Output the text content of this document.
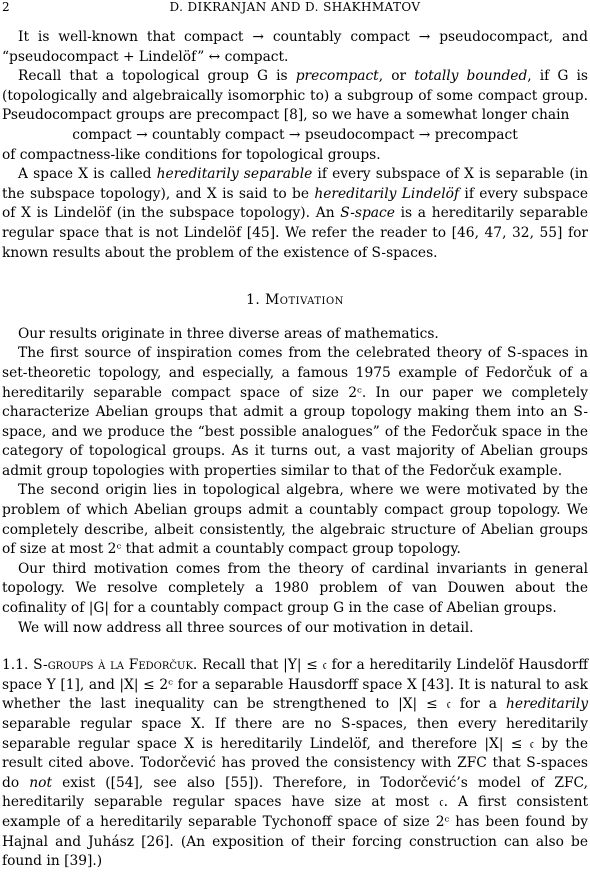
2	D. DIKRANJAN AND D. SHAKHMATOV

It is well-known that compact → countably compact → pseudocompact, and “pseudocompact + Lindelöf” ↔ compact.

Recall that a topological group G is precompact, or totally bounded, if G is (topologically and algebraically isomorphic to) a subgroup of some compact group. Pseudocompact groups are precompact [8], so we have a somewhat longer chain

compact → countably compact → pseudocompact → precompact

of compactness-like conditions for topological groups.

A space X is called hereditarily separable if every subspace of X is separable (in the subspace topology), and X is said to be hereditarily Lindelöf if every subspace of X is Lindelöf (in the subspace topology). An S-space is a hereditarily separable regular space that is not Lindelöf [45]. We refer the reader to [46, 47, 32, 55] for known results about the problem of the existence of S-spaces.

1. Motivation

Our results originate in three diverse areas of mathematics.

The first source of inspiration comes from the celebrated theory of S-spaces in set-theoretic topology, and especially, a famous 1975 example of Fedorčuk of a hereditarily separable compact space of size 2ᶜ. In our paper we completely characterize Abelian groups that admit a group topology making them into an S-space, and we produce the “best possible analogues” of the Fedorčuk space in the category of topological groups. As it turns out, a vast majority of Abelian groups admit group topologies with properties similar to that of the Fedorčuk example.

The second origin lies in topological algebra, where we were motivated by the problem of which Abelian groups admit a countably compact group topology. We completely describe, albeit consistently, the algebraic structure of Abelian groups of size at most 2ᶜ that admit a countably compact group topology.

Our third motivation comes from the theory of cardinal invariants in general topology. We resolve completely a 1980 problem of van Douwen about the cofinality of |G| for a countably compact group G in the case of Abelian groups.

We will now address all three sources of our motivation in detail.

1.1. S-groups à la Fedorčuk. Recall that |Y| ≤ 𝔠 for a hereditarily Lindelöf Hausdorff space Y [1], and |X| ≤ 2ᶜ for a separable Hausdorff space X [43]. It is natural to ask whether the last inequality can be strengthened to |X| ≤ 𝔠 for a hereditarily separable regular space X. If there are no S-spaces, then every hereditarily separable regular space X is hereditarily Lindelöf, and therefore |X| ≤ 𝔠 by the result cited above. Todorčević has proved the consistency with ZFC that S-spaces do not exist ([54], see also [55]). Therefore, in Todorčević’s model of ZFC, hereditarily separable regular spaces have size at most 𝔠. A first consistent example of a hereditarily separable Tychonoff space of size 2ᶜ has been found by Hajnal and Juhász [26]. (An exposition of their forcing construction can also be found in [39].)
